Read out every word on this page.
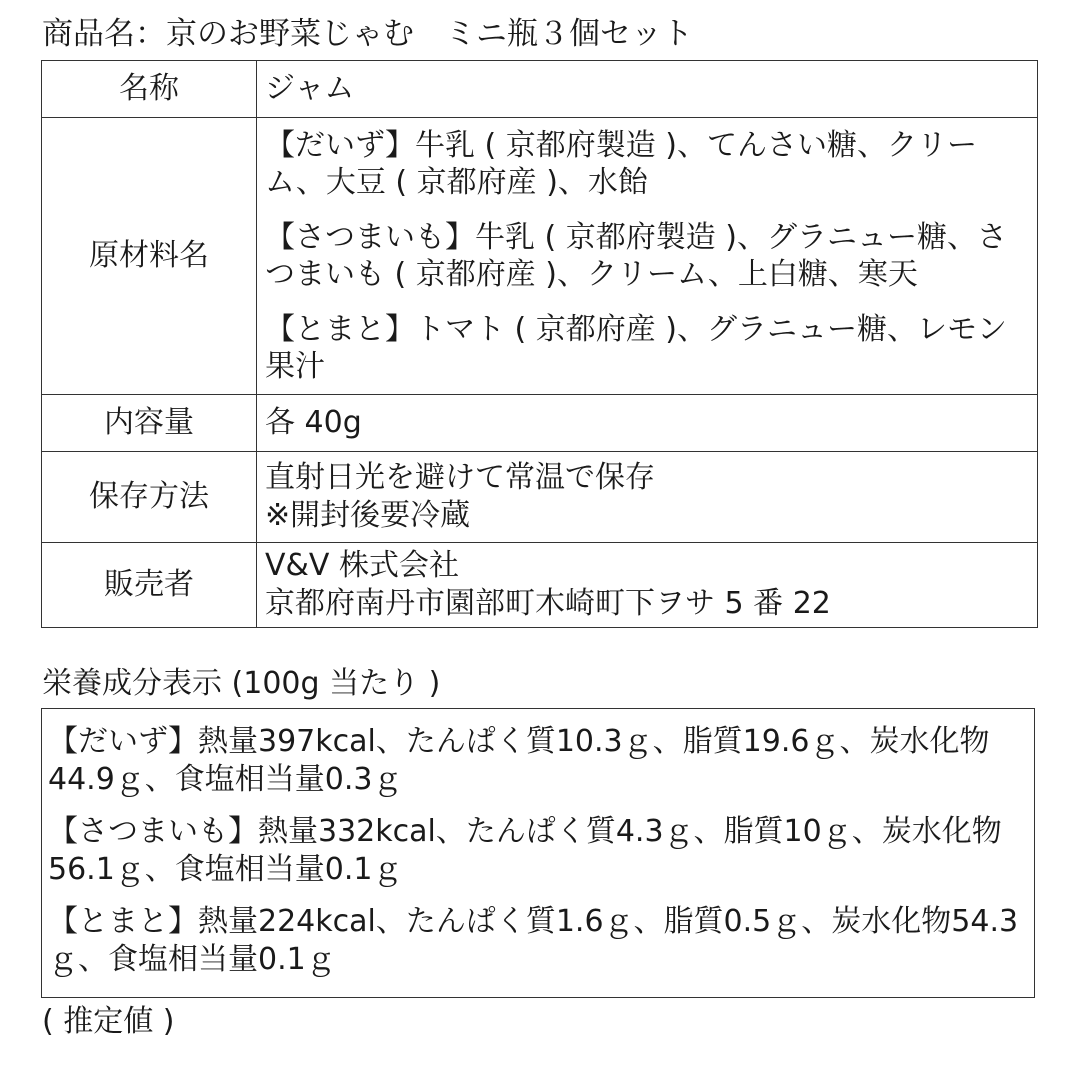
商品名：京のお野菜じゃむ　ミニ瓶３個セット
名称	ジャム
原材料名	【だいず】牛乳 ( 京都府製造 )、てんさい糖、クリーム、大豆 ( 京都府産 )、水飴
【さつまいも】牛乳 ( 京都府製造 )、グラニュー糖、さつまいも ( 京都府産 )、クリーム、上白糖、寒天
【とまと】トマト ( 京都府産 )、グラニュー糖、レモン果汁

内容量	各 40g
保存方法	直射日光を避けて常温で保存
※開封後要冷蔵

販売者	V&V 株式会社
京都府南丹市園部町木崎町下ヲサ 5 番 22
栄養成分表示 (100g 当たり )
【だいず】熱量397kcal、たんぱく質10.3ｇ、脂質19.6ｇ、炭水化物44.9ｇ、食塩相当量0.3ｇ
【さつまいも】熱量332kcal、たんぱく質4.3ｇ、脂質10ｇ、炭水化物56.1ｇ、食塩相当量0.1ｇ
【とまと】熱量224kcal、たんぱく質1.6ｇ、脂質0.5ｇ、炭水化物54.3ｇ、食塩相当量0.1ｇ
( 推定値 )
